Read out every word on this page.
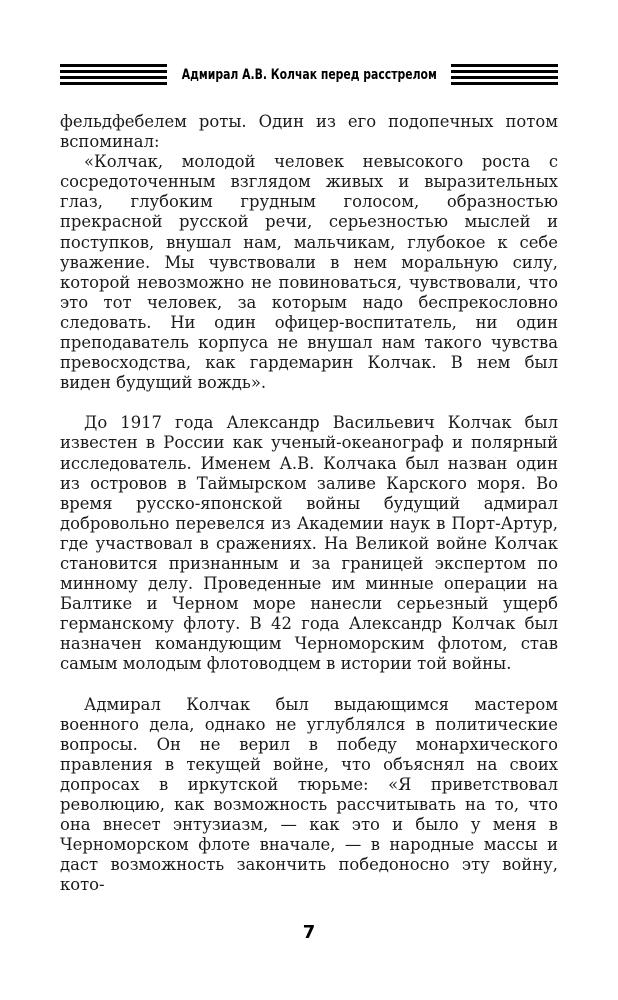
Адмирал А.В. Колчак перед расстрелом

фельдфебелем роты. Один из его подопечных потом вспоминал:

«Колчак, молодой человек невысокого роста с сосредоточенным взглядом живых и выразительных глаз, глубоким грудным голосом, образностью прекрасной русской речи, серьезностью мыслей и поступков, внушал нам, мальчикам, глубокое к себе уважение. Мы чувствовали в нем моральную силу, которой невозможно не повиноваться, чувствовали, что это тот человек, за которым надо беспрекословно следовать. Ни один офицер-воспитатель, ни один преподаватель корпуса не внушал нам такого чувства превосходства, как гардемарин Колчак. В нем был виден будущий вождь».

До 1917 года Александр Васильевич Колчак был известен в России как ученый-океанограф и полярный исследователь. Именем А.В. Колчака был назван один из островов в Таймырском заливе Карского моря. Во время русско-японской войны будущий адмирал добровольно перевелся из Академии наук в Порт-Артур, где участвовал в сражениях. На Великой войне Колчак становится признанным и за границей экспертом по минному делу. Проведенные им минные операции на Балтике и Черном море нанесли серьезный ущерб германскому флоту. В 42 года Александр Колчак был назначен командующим Черноморским флотом, став самым молодым флотоводцем в истории той войны.

Адмирал Колчак был выдающимся мастером военного дела, однако не углублялся в политические вопросы. Он не верил в победу монархического правления в текущей войне, что объяснял на своих допросах в иркутской тюрьме: «Я приветствовал революцию, как возможность рассчитывать на то, что она внесет энтузиазм, — как это и было у меня в Черноморском флоте вначале, — в народные массы и даст возможность закончить победоносно эту войну, кото-

7
